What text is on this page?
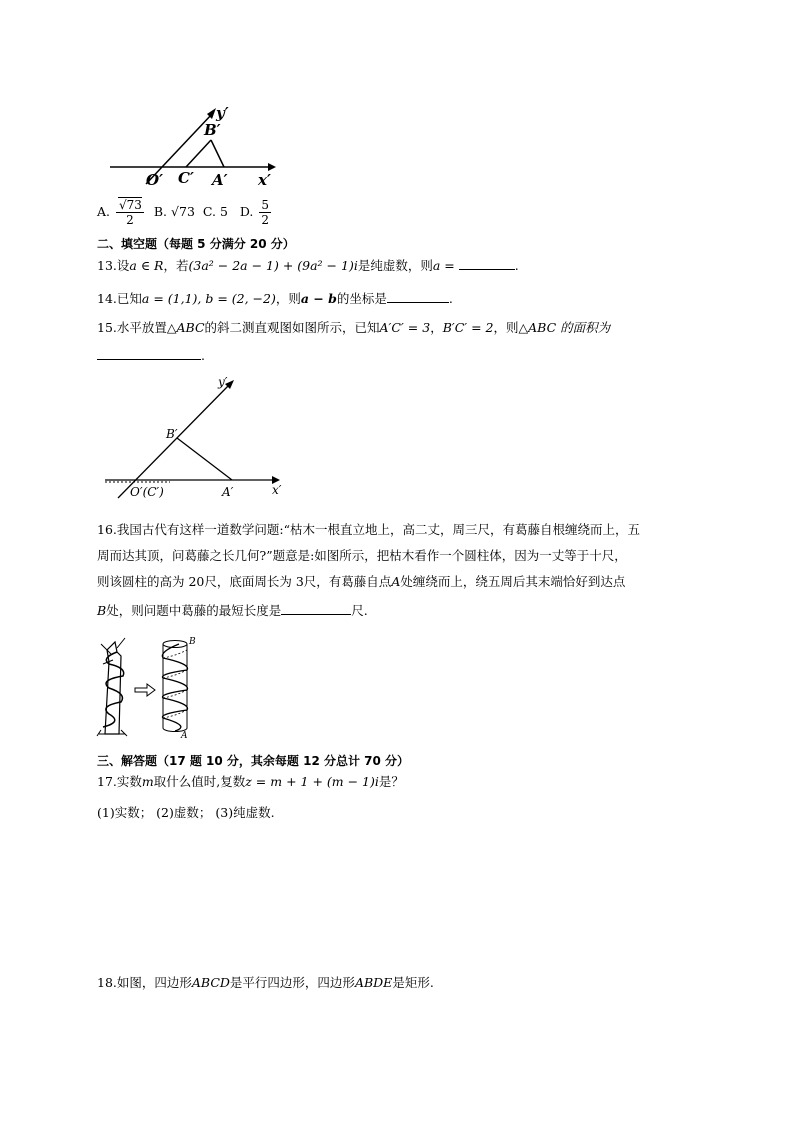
y′
x′
B′
O′ C′ A′
A. $\frac{√73}{2} B$. √73 C. 5 D. $\frac{5}{2}$
二、填空题（每题 5 分满分 20 分）
13.设a ∈ R，若(3a² − 2a − 1) + (9a² − 1)i是纯虚数，则a =	.
14.已知a = (1,1), b = (2, −2)，则a − b的坐标是	.
15.水平放置△ABC的斜二测直观图如图所示，已知A′C′ = 3，B′C′ = 2，则△ABC 的面积为
.
y′
x′
B′
O′(C′)	A′
16.我国古代有这样一道数学问题:“枯木一根直立地上，高二丈，周三尺，有葛藤自根缠绕而上，五
周而达其顶，问葛藤之长几何?”题意是:如图所示，把枯木看作一个圆柱体，因为一丈等于十尺，
则该圆柱的高为 20尺，底面周长为 3尺，有葛藤自点A处缠绕而上，绕五周后其末端恰好到达点
B处，则问题中葛藤的最短长度是	尺.
B
A
三、解答题（17 题 10 分，其余每题 12 分总计 70 分）
17.实数m取什么值时,复数z = m + 1 + (m − 1)i是？
(1)实数； (2)虚数； (3)纯虚数.
18.如图，四边形ABCD是平行四边形，四边形ABDE是矩形.
